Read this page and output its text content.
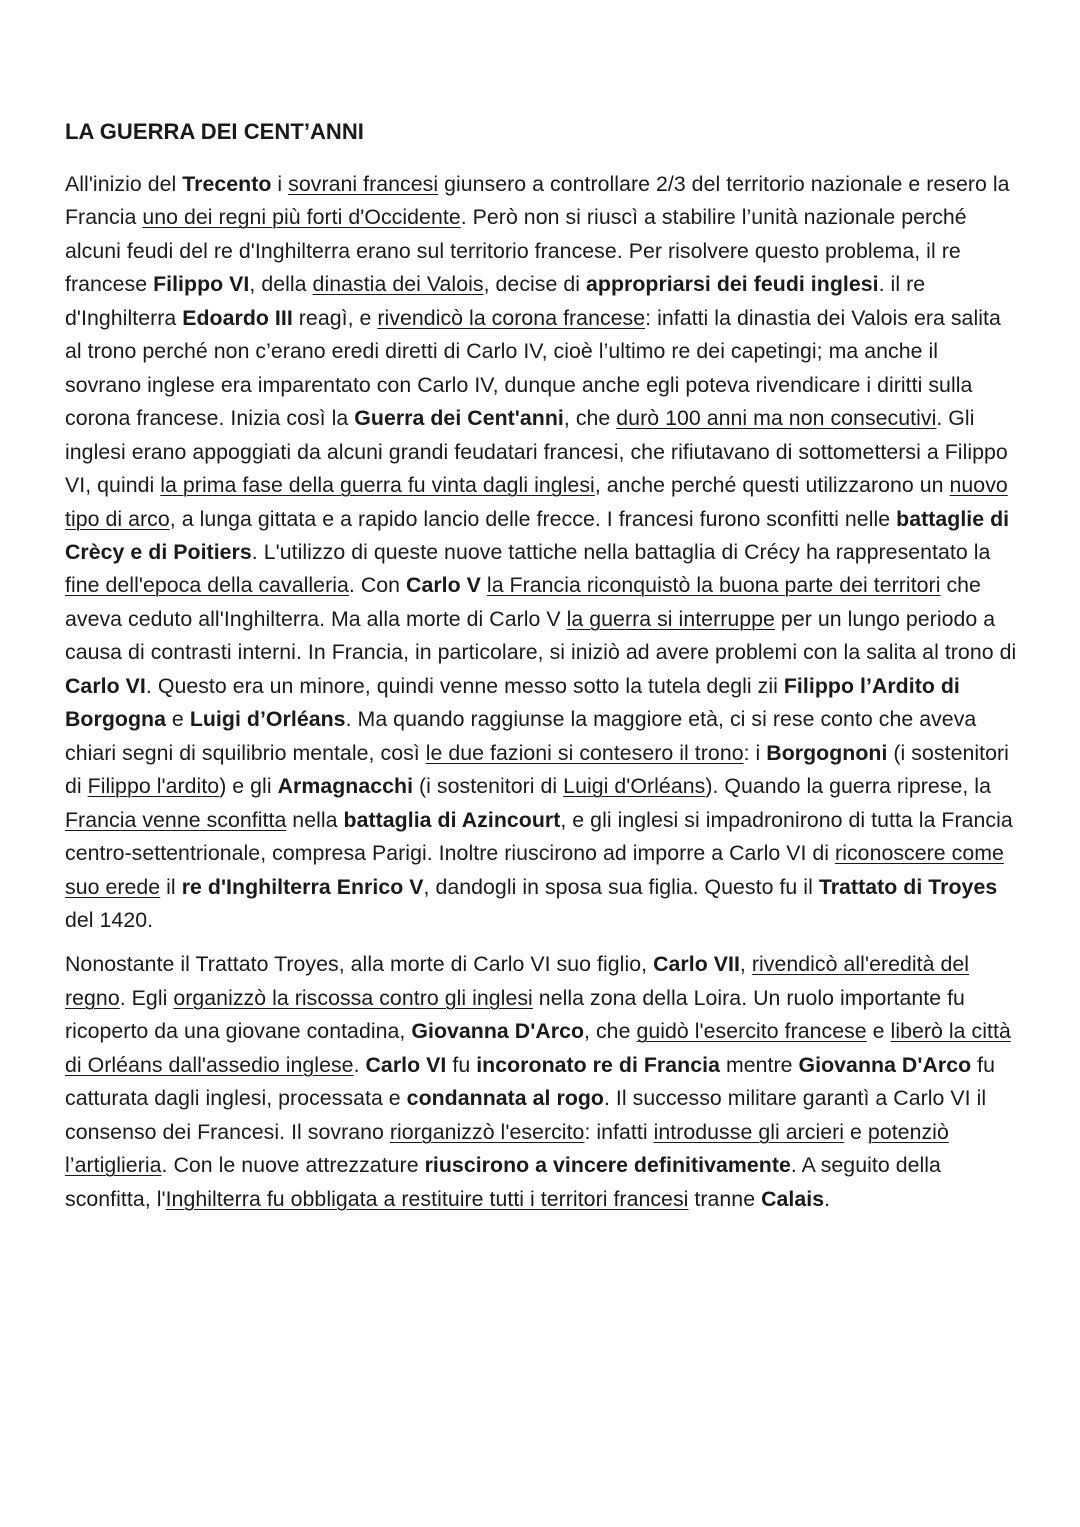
LA GUERRA DEI CENT’ANNI

All'inizio del Trecento i sovrani francesi giunsero a controllare 2/3 del territorio nazionale e resero la Francia uno dei regni più forti d'Occidente. Però non si riuscì a stabilire l’unità nazionale perché alcuni feudi del re d'Inghilterra erano sul territorio francese. Per risolvere questo problema, il re francese Filippo VI, della dinastia dei Valois, decise di appropriarsi dei feudi inglesi. il re d'Inghilterra Edoardo III reagì, e rivendicò la corona francese: infatti la dinastia dei Valois era salita al trono perché non c’erano eredi diretti di Carlo IV, cioè l’ultimo re dei capetingi; ma anche il sovrano inglese era imparentato con Carlo IV, dunque anche egli poteva rivendicare i diritti sulla corona francese. Inizia così la Guerra dei Cent'anni, che durò 100 anni ma non consecutivi. Gli inglesi erano appoggiati da alcuni grandi feudatari francesi, che rifiutavano di sottomettersi a Filippo VI, quindi la prima fase della guerra fu vinta dagli inglesi, anche perché questi utilizzarono un nuovo tipo di arco, a lunga gittata e a rapido lancio delle frecce. I francesi furono sconfitti nelle battaglie di Crècy e di Poitiers. L'utilizzo di queste nuove tattiche nella battaglia di Crécy ha rappresentato la fine dell'epoca della cavalleria. Con Carlo V la Francia riconquistò la buona parte dei territori che aveva ceduto all'Inghilterra. Ma alla morte di Carlo V la guerra si interruppe per un lungo periodo a causa di contrasti interni. In Francia, in particolare, si iniziò ad avere problemi con la salita al trono di Carlo VI. Questo era un minore, quindi venne messo sotto la tutela degli zii Filippo l’Ardito di Borgogna e Luigi d’Orléans. Ma quando raggiunse la maggiore età, ci si rese conto che aveva chiari segni di squilibrio mentale, così le due fazioni si contesero il trono: i Borgognoni (i sostenitori di Filippo l'ardito) e gli Armagnacchi (i sostenitori di Luigi d'Orléans). Quando la guerra riprese, la Francia venne sconfitta nella battaglia di Azincourt, e gli inglesi si impadronirono di tutta la Francia centro-settentrionale, compresa Parigi. Inoltre riuscirono ad imporre a Carlo VI di riconoscere come suo erede il re d'Inghilterra Enrico V, dandogli in sposa sua figlia. Questo fu il Trattato di Troyes del 1420.

Nonostante il Trattato Troyes, alla morte di Carlo VI suo figlio, Carlo VII, rivendicò all'eredità del regno. Egli organizzò la riscossa contro gli inglesi nella zona della Loira. Un ruolo importante fu ricoperto da una giovane contadina, Giovanna D'Arco, che guidò l'esercito francese e liberò la città di Orléans dall'assedio inglese. Carlo VI fu incoronato re di Francia mentre Giovanna D'Arco fu catturata dagli inglesi, processata e condannata al rogo. Il successo militare garantì a Carlo VI il consenso dei Francesi. Il sovrano riorganizzò l'esercito: infatti introdusse gli arcieri e potenziò l’artiglieria. Con le nuove attrezzature riuscirono a vincere definitivamente. A seguito della sconfitta, l'Inghilterra fu obbligata a restituire tutti i territori francesi tranne Calais.
